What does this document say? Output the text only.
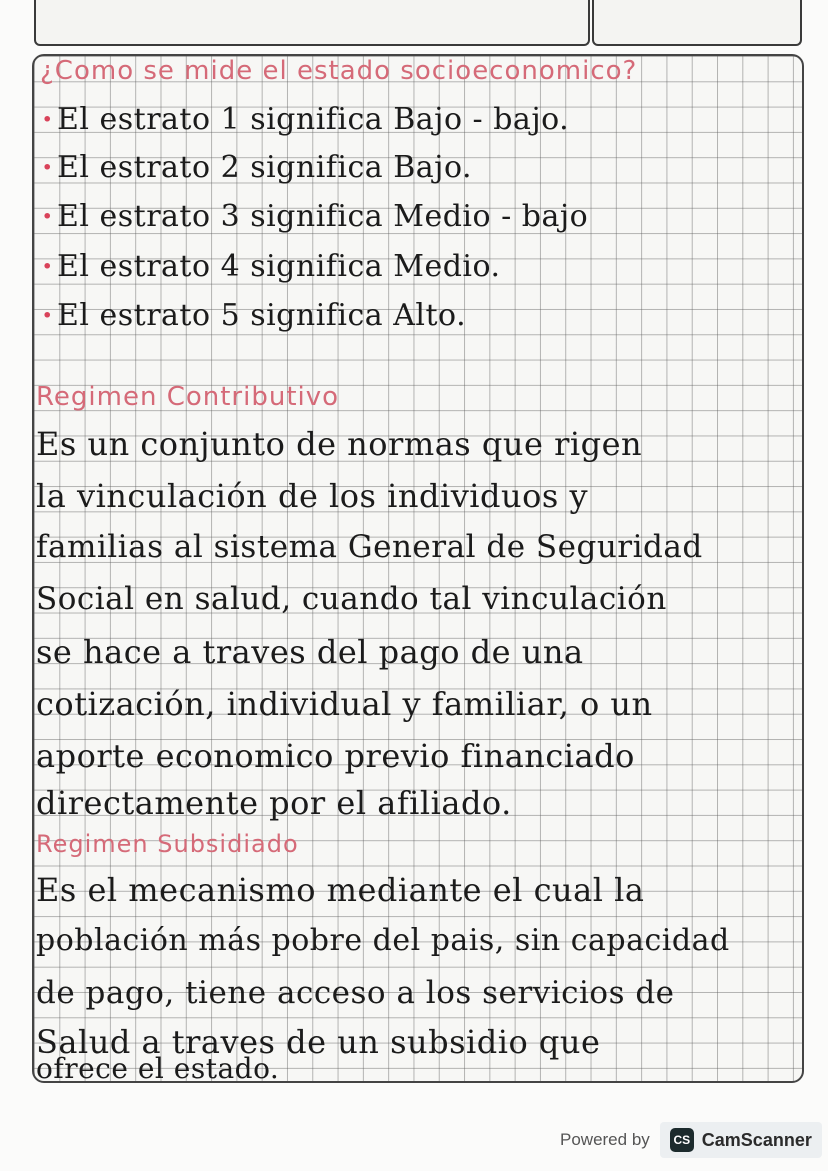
¿Como se mide el estado socioeconomico?
· El estrato 1 significa Bajo - bajo.
· El estrato 2 significa Bajo.
· El estrato 3 significa Medio - bajo
· El estrato 4 significa Medio.
· El estrato 5 significa Alto.
Regimen Contributivo
Es un conjunto de normas que rigen
la vinculación de los individuos y
familias al sistema General de Seguridad
Social en salud, cuando tal vinculación
se hace a traves del pago de una
cotización, individual y familiar, o un
aporte economico previo financiado
directamente por el afiliado.
Regimen Subsidiado
Es el mecanismo mediante el cual la
población más pobre del pais, sin capacidad
de pago, tiene acceso a los servicios de
Salud a traves de un subsidio que
ofrece el estado.
Powered by	CS CamScanner
